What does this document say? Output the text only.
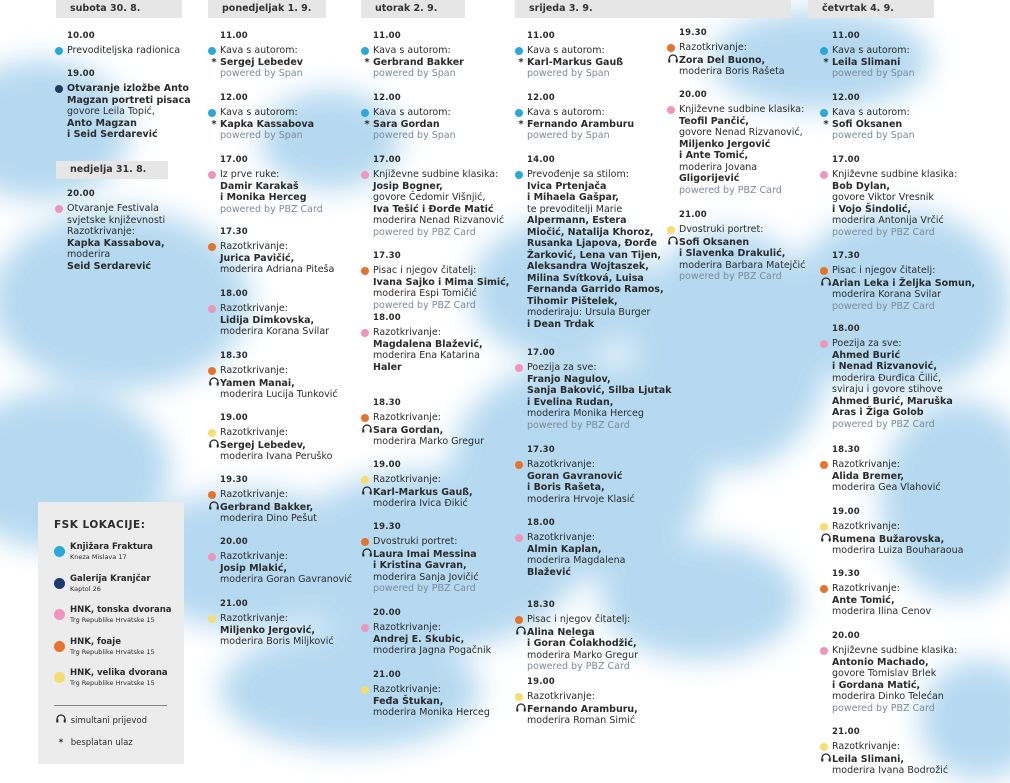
subota 30. 8.
nedjelja 31. 8.
ponedjeljak 1. 9.	utorak 2. 9.	srijeda 3. 9.	četvrtak 4. 9.
10.00
Prevoditeljska radionica
19.00
Otvaranje izložbe Anto
Magzan portreti pisaca
govore Leila Topić,
Anto Magzan
i Seid Serdarević
20.00
Otvaranje Festivala
svjetske književnosti
Razotkrivanje:
Kapka Kassabova,
moderira
Seid Serdarević
11.00
Kava s autorom:
* Sergej Lebedev
powered by Span
12.00
Kava s autorom:
* Kapka Kassabova
powered by Span
17.00
Iz prve ruke:
Damir Karakaš
i Monika Herceg
powered by PBZ Card
17.30
Razotkrivanje:
Jurica Pavičić,
moderira Adriana Piteša
18.00
Razotkrivanje:
Lidija Dimkovska,
moderira Korana Svilar
18.30
Razotkrivanje:
Yamen Manai,
moderira Lucija Tunković
19.00
Razotkrivanje:
Sergej Lebedev,
moderira Ivana Peruško
19.30
Razotkrivanje:
Gerbrand Bakker,
moderira Dino Pešut
20.00
Razotkrivanje:
Josip Mlakić,
moderira Goran Gavranović
21.00
Razotkrivanje:
Miljenko Jergović,
moderira Boris Miljković
11.00
Kava s autorom:
* Gerbrand Bakker
powered by Span
12.00
Kava s autorom:
* Sara Gordan
powered by Span
17.00
Književne sudbine klasika:
Josip Bogner,
govore Čedomir Višnjić,
Iva Tešić i Đorđe Matić
moderira Nenad Rizvanović
powered by PBZ Card
17.30
Pisac i njegov čitatelj:
Ivana Sajko i Mima Simić,
moderira Espi Tomičić
powered by PBZ Card
18.00
Razotkrivanje:
Magdalena Blažević,
moderira Ena Katarina
Haler
18.30
Razotkrivanje:
Sara Gordan,
moderira Marko Gregur
19.00
Razotkrivanje:
Karl-Markus Gauß,
moderira Ivica Đikić
19.30
Dvostruki portret:
Laura Imai Messina
i Kristina Gavran,
moderira Sanja Jovičić
powered by PBZ Card
20.00
Razotkrivanje:
Andrej E. Skubic,
moderira Jagna Pogačnik
21.00
Razotkrivanje:
Feđa Štukan,
moderira Monika Herceg
11.00
Kava s autorom:
* Karl-Markus Gauß
powered by Span
12.00
Kava s autorom:
* Fernando Aramburu
powered by Span
14.00
Prevođenje sa stilom:
Ivica Prtenjača
i Mihaela Gašpar,
te prevoditelji Marie
Alpermann, Estera
Miočić, Natalija Khoroz,
Rusanka Ljapova, Đorđe
Žarković, Lena van Tijen,
Aleksandra Wojtaszek,
Milina Svítková, Luisa
Fernanda Garrido Ramos,
Tihomir Pištelek,
moderiraju: Ursula Burger
i Dean Trdak
17.00
Poezija za sve:
Franjo Nagulov,
Sanja Baković, Silba Ljutak
i Evelina Rudan,
moderira Monika Herceg
powered by PBZ Card
17.30
Razotkrivanje:
Goran Gavranović
i Boris Rašeta,
moderira Hrvoje Klasić
18.00
Razotkrivanje:
Almin Kaplan,
moderira Magdalena
Blažević
18.30
Pisac i njegov čitatelj:
Alina Nelega
i Goran Čolakhodžić,
moderira Marko Gregur
powered by PBZ Card
19.00
Razotkrivanje:
Fernando Aramburu,
moderira Roman Simić
19.30
Razotkrivanje:
Zora Del Buono,
moderira Boris Rašeta
20.00
Književne sudbine klasika:
Teofil Pančić,
govore Nenad Rizvanović,
Miljenko Jergović
i Ante Tomić,
moderira Jovana
Gligorijević
powered by PBZ Card
21.00
Dvostruki portret:
Sofi Oksanen
i Slavenka Drakulić,
moderira Barbara Matejčić
powered by PBZ Card
11.00
Kava s autorom:
* Leila Slimani
powered by Span
12.00
Kava s autorom:
* Sofi Oksanen
powered by Span
17.00
Književne sudbine klasika:
Bob Dylan,
govore Viktor Vresnik
i Vojo Šindolić,
moderira Antonija Vrčić
powered by PBZ Card
17.30
Pisac i njegov čitatelj:
Arian Leka i Željka Somun,
moderira Korana Svilar
powered by PBZ Card
18.00
Poezija za sve:
Ahmed Burić
i Nenad Rizvanović,
moderira Đurđica Čilić,
sviraju i govore stihove
Ahmed Burić, Maruška
Aras i Žiga Golob
powered by PBZ Card
18.30
Razotkrivanje:
Alida Bremer,
moderira Gea Vlahović
19.00
Razotkrivanje:
Rumena Bužarovska,
moderira Luiza Bouharaoua
19.30
Razotkrivanje:
Ante Tomić,
moderira Ilina Cenov
20.00
Književne sudbine klasika:
Antonio Machado,
govore Tomislav Brlek
i Gordana Matić,
moderira Dinko Telećan
powered by PBZ Card
21.00
Razotkrivanje:
Leila Slimani,
moderira Ivana Bodrožić
FSK LOKACIJE:
Knjižara Fraktura
Kneza Mislava 17
Galerija Kranjčar
Kaptol 26
HNK, tonska dvorana
Trg Republike Hrvatske 15
HNK, foaje
Trg Republike Hrvatske 15
HNK, velika dvorana
Trg Republike Hrvatske 15
simultani prijevod
* besplatan ulaz
